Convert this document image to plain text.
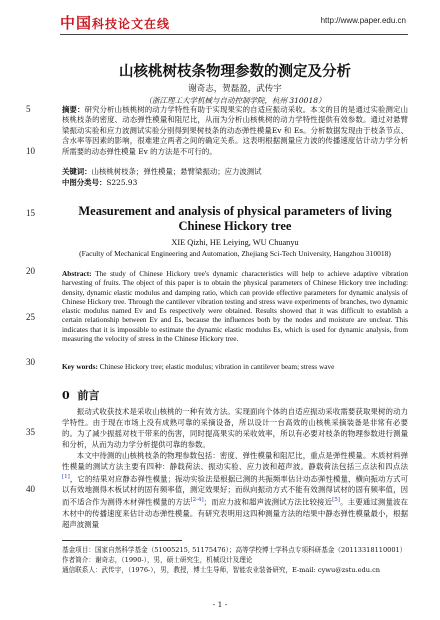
中国科技论文在线	http://www.paper.edu.cn
5
10
15
20
25
30
35
40
山核桃树枝条物理参数的测定及分析
谢奇志，贺磊盈，武传宇
（浙江理工大学机械与自动控制学院，杭州 310018）
摘要：研究分析山核桃树的动力学特性有助于实现果实的自适应振动采收。本文的目的是通过实验测定山核桃枝条的密度、动态弹性模量和阻尼比，从而为分析山核桃树的动力学特性提供有效参数。通过对悬臂梁振动实验和应力波测试实验分别得到果树枝条的动态弹性模量Ev 和 Es。分析数据发现由于枝条节点、含水率等因素的影响，很难建立两者之间的确定关系。这表明根据测量应力波的传播速度估计动力学分析所需要的动态弹性模量 Ev 的方法是不可行的。
关键词：山核桃树枝条；弹性模量；悬臂梁振动；应力波测试
中图分类号：S225.93
Measurement and analysis of physical parameters of living Chinese Hickory tree
XIE Qizhi, HE Leiying, WU Chuanyu
(Faculty of Mechanical Engineering and Automation, Zhejiang Sci-Tech University, Hangzhou 310018)
Abstract: The study of Chinese Hickory tree's dynamic characteristics will help to achieve adaptive vibration harvesting of fruits. The object of this paper is to obtain the physical parameters of Chinese Hickory tree including: density, dynamic elastic modulus and damping ratio, which can provide effective parameters for dynamic analysis of Chinese Hickory tree. Through the cantilever vibration testing and stress wave experiments of branches, two dynamic elastic modulus named Ev and Es respectively were obtained. Results showed that it was difficult to establish a certain relationship between Ev and Es, because the influences both by the nodes and moisture are unclear. This indicates that it is impossible to estimate the dynamic elastic modulus Es, which is used for dynamic analysis, from measuring the velocity of stress in the Chinese Hickory tree.
Key words: Chinese Hickory tree; elastic modulus; vibration in cantilever beam; stress wave
0 前言

振动式收获技术是采收山核桃的一种有效方法。实现面向个体的自适应振动采收需要获取果树的动力学特性。由于现在市场上没有成熟可靠的采摘设备，所以设计一台高效的山核桃采摘装备是非常有必要的。为了减少振摇对枝干带来的伤害，同时提高果实的采收效率，所以有必要对枝条的物理参数进行测量和分析，从而为动力学分析提供可靠的参数。

本文中待测的山核桃枝条的物理参数包括：密度、弹性模量和阻尼比，重点是弹性模量。木质材料弹性模量的测试方法主要有四种：静载荷法、振动实验、应力波和超声波。静载荷法包括三点法和四点法[1]，它的结果对应静态弹性模量；振动实验法是根据已测的共振频率估计动态弹性模量，横向振动方式可以有效地测得木板试材的固有频率值，测定效果好；而纵向振动方式不能有效测得试材的固有频率值，因而不适合作为测得木材弹性模量的方法[2-4]；而应力波和超声波测试方法比较接近[5]。主要通过测量波在木材中的传播速度来估计动态弹性模量。有研究表明用这四种测量方法的结果中静态弹性模量最小，根据超声波测量

基金项目：国家自然科学基金（51005215, 51175476）；高等学校博士学科点专项科研基金（20113318110001）
作者简介：谢奇志，（1990-），男，硕士研究生，机械设计及理论
通信联系人：武传宇，（1976-），男，教授，博士生导师，智能农业装备研究，E-mail: cywu@zstu.edu.cn
- 1 -
